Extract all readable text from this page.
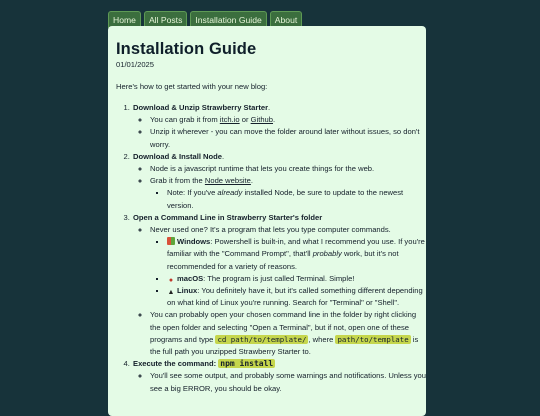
Home	All Posts	Installation Guide	About
Installation Guide
01/01/2025
Here's how to get started with your new blog:
1. Download & Unzip Strawberry Starter.
◦ You can grab it from itch.io or Github.
◦ Unzip it wherever - you can move the folder around later without issues, so don't worry.
2. Download & Install Node.
◦ Node is a javascript runtime that lets you create things for the web.
◦ Grab it from the Node website.
▪ Note: If you've already installed Node, be sure to update to the newest version.
3. Open a Command Line in Strawberry Starter's folder
◦ Never used one? It's a program that lets you type computer commands.
▪ Windows: Powershell is built-in, and what I recommend you use. If you're familiar with the "Command Prompt", that'll probably work, but it's not recommended for a variety of reasons.
▪ ● macOS: The program is just called Terminal. Simple!
▪ ▲ Linux: You definitely have it, but it's called something different depending on what kind of Linux you're running. Search for "Terminal" or "Shell".
◦ You can probably open your chosen command line in the folder by right clicking the open folder and selecting "Open a Terminal", but if not, open one of these programs and type cd path/to/template/ , where path/to/template is the full path you unzipped Strawberry Starter to.
4. Execute the command: npm install
◦ You'll see some output, and probably some warnings and notifications. Unless you see a big ERROR, you should be okay.
